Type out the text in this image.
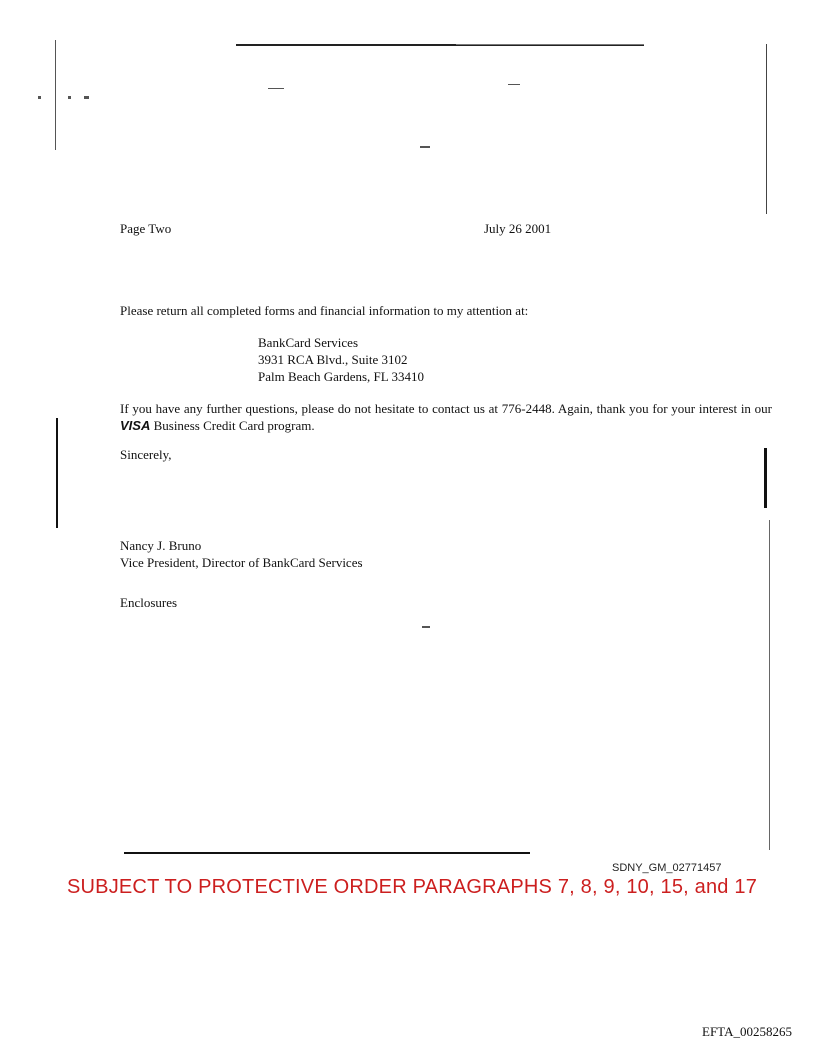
Page Two	July 26 2001
Please return all completed forms and financial information to my attention at:
BankCard Services
3931 RCA Blvd., Suite 3102
Palm Beach Gardens, FL 33410
If you have any further questions, please do not hesitate to contact us at 776-2448. Again, thank you for your interest in our VISA Business Credit Card program.
Sincerely,
Nancy J. Bruno
Vice President, Director of BankCard Services
Enclosures
SDNY_GM_02771457
SUBJECT TO PROTECTIVE ORDER PARAGRAPHS 7, 8, 9, 10, 15, and 17
EFTA_00258265
